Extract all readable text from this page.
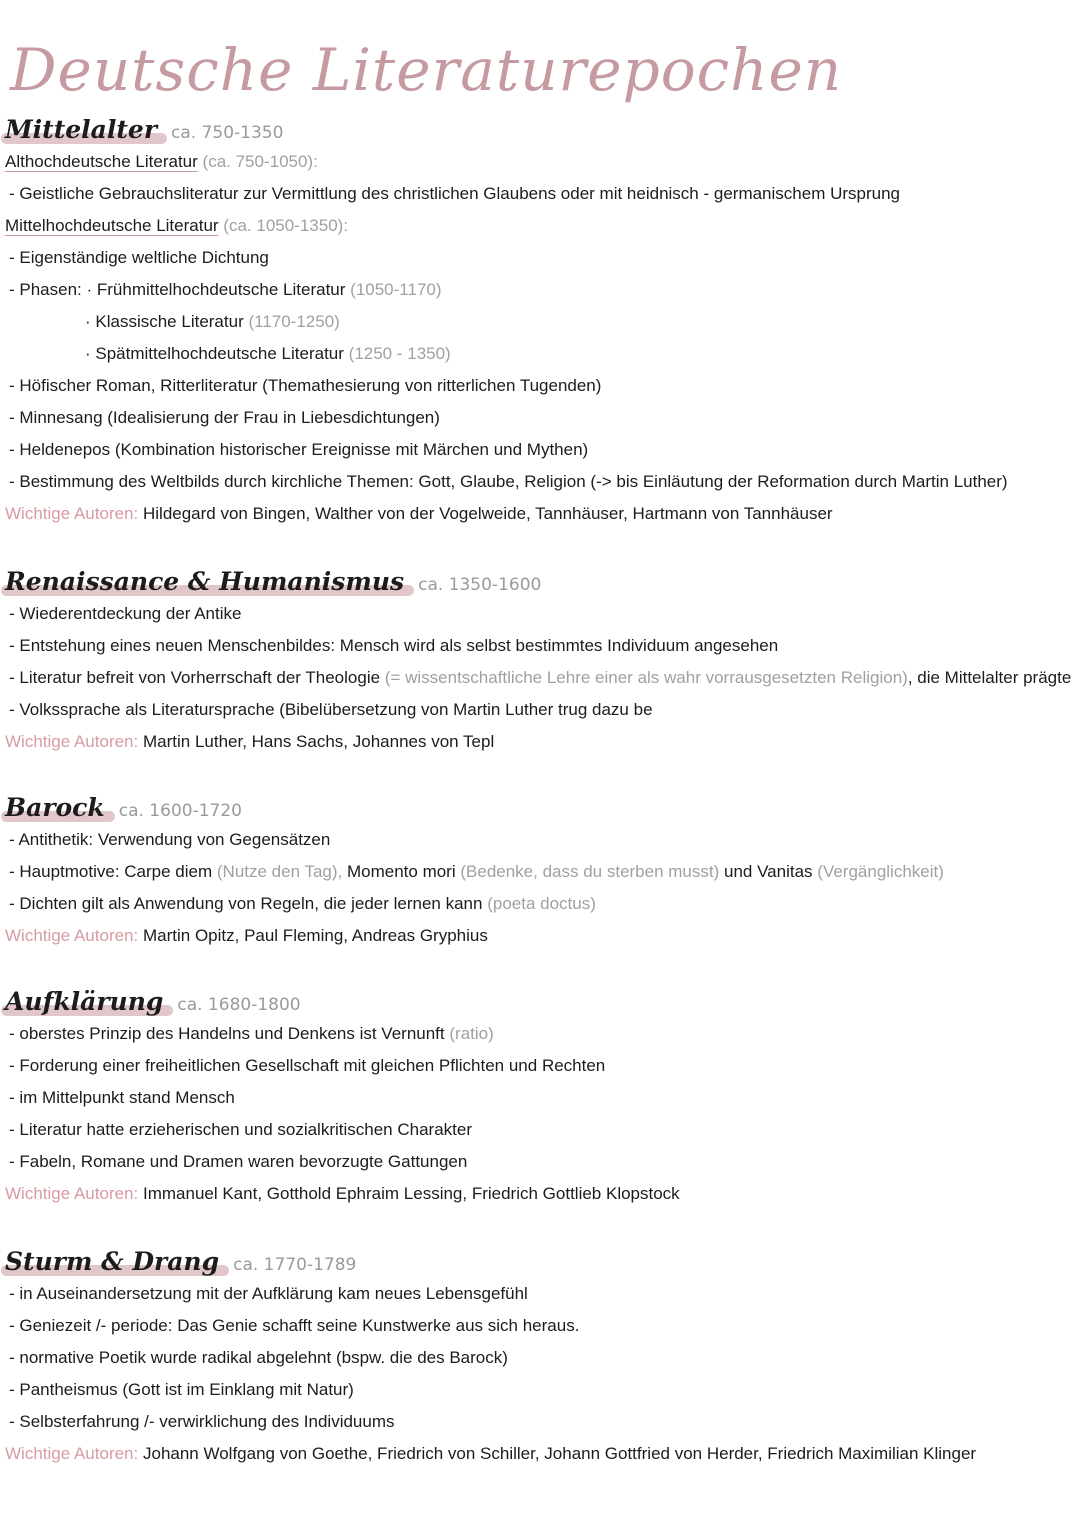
Deutsche Literaturepochen
Mittelalter ca. 750-1350
Althochdeutsche Literatur (ca. 750-1050):
- Geistliche Gebrauchsliteratur zur Vermittlung des christlichen Glaubens oder mit heidnisch - germanischem Ursprung
Mittelhochdeutsche Literatur (ca. 1050-1350):
- Eigenständige weltliche Dichtung
- Phasen: · Frühmittelhochdeutsche Literatur (1050-1170)
· Klassische Literatur (1170-1250)
· Spätmittelhochdeutsche Literatur (1250 - 1350)
- Höfischer Roman, Ritterliteratur (Themathesierung von ritterlichen Tugenden)
- Minnesang (Idealisierung der Frau in Liebesdichtungen)
- Heldenepos (Kombination historischer Ereignisse mit Märchen und Mythen)
- Bestimmung des Weltbilds durch kirchliche Themen: Gott, Glaube, Religion (-> bis Einläutung der Reformation durch Martin Luther)
Wichtige Autoren: Hildegard von Bingen, Walther von der Vogelweide, Tannhäuser, Hartmann von Tannhäuser
Renaissance & Humanismus ca. 1350-1600
- Wiederentdeckung der Antike
- Entstehung eines neuen Menschenbildes: Mensch wird als selbst bestimmtes Individuum angesehen
- Literatur befreit von Vorherrschaft der Theologie (= wissentschaftliche Lehre einer als wahr vorrausgesetzten Religion), die Mittelalter prägte
- Volkssprache als Literatursprache (Bibelübersetzung von Martin Luther trug dazu be
Wichtige Autoren: Martin Luther, Hans Sachs, Johannes von Tepl
Barock ca. 1600-1720
- Antithetik: Verwendung von Gegensätzen
- Hauptmotive: Carpe diem (Nutze den Tag), Momento mori (Bedenke, dass du sterben musst) und Vanitas (Vergänglichkeit)
- Dichten gilt als Anwendung von Regeln, die jeder lernen kann (poeta doctus)
Wichtige Autoren: Martin Opitz, Paul Fleming, Andreas Gryphius
Aufklärung ca. 1680-1800
- oberstes Prinzip des Handelns und Denkens ist Vernunft (ratio)
- Forderung einer freiheitlichen Gesellschaft mit gleichen Pflichten und Rechten
- im Mittelpunkt stand Mensch
- Literatur hatte erzieherischen und sozialkritischen Charakter
- Fabeln, Romane und Dramen waren bevorzugte Gattungen
Wichtige Autoren: Immanuel Kant, Gotthold Ephraim Lessing, Friedrich Gottlieb Klopstock
Sturm & Drang ca. 1770-1789
- in Auseinandersetzung mit der Aufklärung kam neues Lebensgefühl
- Geniezeit /- periode: Das Genie schafft seine Kunstwerke aus sich heraus.
- normative Poetik wurde radikal abgelehnt (bspw. die des Barock)
- Pantheismus (Gott ist im Einklang mit Natur)
- Selbsterfahrung /- verwirklichung des Individuums
Wichtige Autoren: Johann Wolfgang von Goethe, Friedrich von Schiller, Johann Gottfried von Herder, Friedrich Maximilian Klinger
